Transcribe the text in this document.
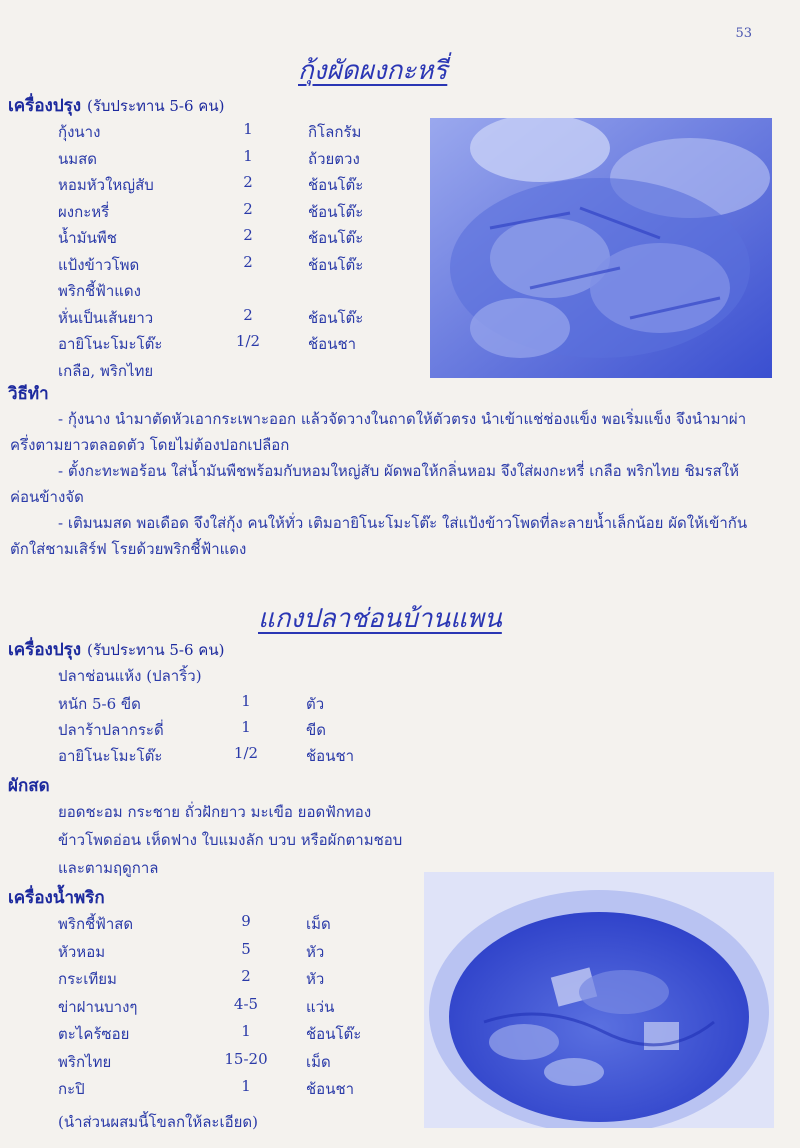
53
กุ้งผัดผงกะหรี่
เครื่องปรุง (รับประทาน 5-6 คน)
กุ้งนาง	1	กิโลกรัม
นมสด	1	ถ้วยตวง
หอมหัวใหญ่สับ	2	ช้อนโต๊ะ
ผงกะหรี่	2	ช้อนโต๊ะ
น้ำมันพืช	2	ช้อนโต๊ะ
แป้งข้าวโพด	2	ช้อนโต๊ะ
พริกชี้ฟ้าแดง
หั่นเป็นเส้นยาว	2	ช้อนโต๊ะ
อายิโนะโมะโต๊ะ	1/2	ช้อนชา
เกลือ, พริกไทย
วิธีทำ
- กุ้งนาง นำมาตัดหัวเอากระเพาะออก แล้วจัดวางในถาดให้ตัวตรง นำเข้าแช่ช่องแข็ง พอเริ่มแข็ง จึงนำมาผ่าครึ่งตามยาวตลอดตัว โดยไม่ต้องปอกเปลือก
- ตั้งกะทะพอร้อน ใส่น้ำมันพืชพร้อมกับหอมใหญ่สับ ผัดพอให้กลิ่นหอม จึงใส่ผงกะหรี่ เกลือ พริกไทย ชิมรสให้ค่อนข้างจัด
- เติมนมสด พอเดือด จึงใส่กุ้ง คนให้ทั่ว เติมอายิโนะโมะโต๊ะ ใส่แป้งข้าวโพดที่ละลายน้ำเล็กน้อย ผัดให้เข้ากัน ตักใส่ชามเสิร์ฟ โรยด้วยพริกชี้ฟ้าแดง
แกงปลาช่อนบ้านแพน
เครื่องปรุง (รับประทาน 5-6 คน)
ปลาช่อนแห้ง (ปลาริ้ว)
หนัก 5-6 ขีด	1	ตัว
ปลาร้าปลากระดี่	1	ขีด
อายิโนะโมะโต๊ะ	1/2	ช้อนชา
ผักสด
ยอดชะอม กระชาย ถั่วฝักยาว มะเขือ ยอดฟักทอง
ข้าวโพดอ่อน เห็ดฟาง ใบแมงลัก บวบ หรือผักตามชอบ
และตามฤดูกาล
เครื่องน้ำพริก
พริกชี้ฟ้าสด	9	เม็ด
หัวหอม	5	หัว
กระเทียม	2	หัว
ข่าฝานบางๆ	4-5	แว่น
ตะไคร้ซอย	1	ช้อนโต๊ะ
พริกไทย	15-20	เม็ด
กะปิ	1	ช้อนชา
(นำส่วนผสมนี้โขลกให้ละเอียด)
